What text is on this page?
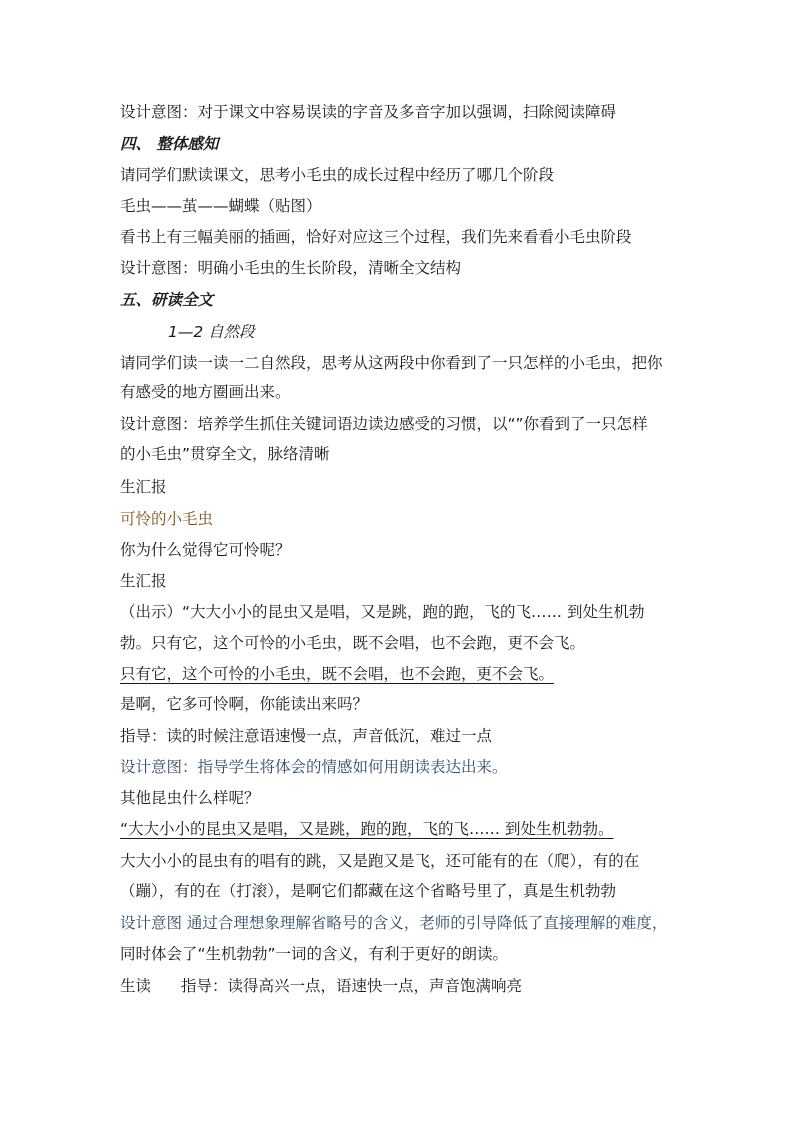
设计意图：对于课文中容易误读的字音及多音字加以强调，扫除阅读障碍
四、 整体感知
请同学们默读课文，思考小毛虫的成长过程中经历了哪几个阶段
毛虫——茧——蝴蝶（贴图）
看书上有三幅美丽的插画，恰好对应这三个过程，我们先来看看小毛虫阶段
设计意图：明确小毛虫的生长阶段，清晰全文结构
五、研读全文
1—2 自然段
请同学们读一读一二自然段，思考从这两段中你看到了一只怎样的小毛虫，把你
有感受的地方圈画出来。
设计意图：培养学生抓住关键词语边读边感受的习惯，以“”你看到了一只怎样
的小毛虫”贯穿全文，脉络清晰
生汇报
可怜的小毛虫
你为什么觉得它可怜呢？
生汇报
（出示）“大大小小的昆虫又是唱，又是跳，跑的跑，飞的飞…… 到处生机勃
勃。只有它，这个可怜的小毛虫，既不会唱，也不会跑，更不会飞。
只有它，这个可怜的小毛虫，既不会唱，也不会跑，更不会飞。
是啊，它多可怜啊，你能读出来吗？
指导：读的时候注意语速慢一点，声音低沉，难过一点
设计意图：指导学生将体会的情感如何用朗读表达出来。
其他昆虫什么样呢？
“大大小小的昆虫又是唱，又是跳，跑的跑，飞的飞…… 到处生机勃勃。
大大小小的昆虫有的唱有的跳，又是跑又是飞，还可能有的在（爬），有的在
（蹦），有的在（打滚），是啊它们都藏在这个省略号里了，真是生机勃勃
设计意图 通过合理想象理解省略号的含义，老师的引导降低了直接理解的难度，
同时体会了“生机勃勃”一词的含义，有利于更好的朗读。
生读 指导：读得高兴一点，语速快一点，声音饱满响亮
